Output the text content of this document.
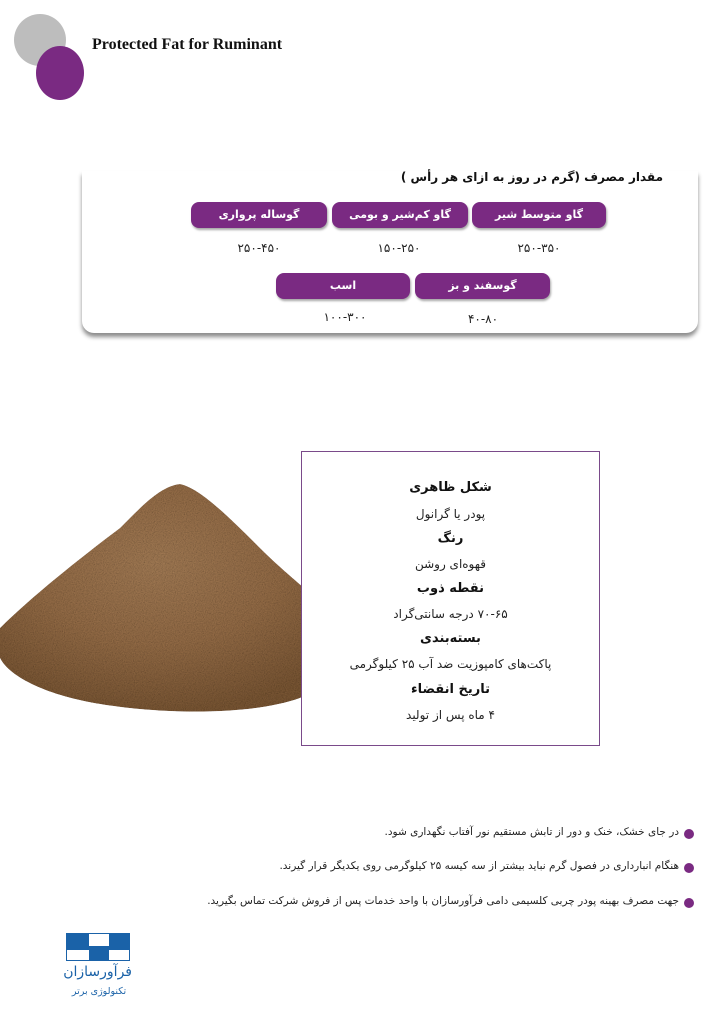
Protected Fat for Ruminant
مقدار مصرف (گرم در روز به ازای هر رأس )
گاو متوسط شیر
گاو کم‌شیر و بومی
گوساله پرواری
گوسفند و بز
اسب
۲۵۰-۳۵۰
۱۵۰-۲۵۰
۲۵۰-۴۵۰
۴۰-۸۰
۱۰۰-۳۰۰
شکل ظاهری
پودر یا گرانول
رنگ
قهوه‌ای روشن
نقطه ذوب
۷۰-۶۵ درجه سانتی‌گراد
بسته‌بندی
پاکت‌های کامپوزیت ضد آب ۲۵ کیلوگرمی
تاریخ انقضاء
۴ ماه پس از تولید
در جای خشک، خنک و دور از تابش مستقیم نور آفتاب نگهداری شود.
هنگام انبارداری در فصول گرم نباید بیشتر از سه کیسه ۲۵ کیلوگرمی روی یکدیگر قرار گیرند.
جهت مصرف بهینه پودر چربی کلسیمی دامی فرآورسازان با واحد خدمات پس از فروش شرکت تماس بگیرید.
فرآورسازان
تکنولوژی برتر
